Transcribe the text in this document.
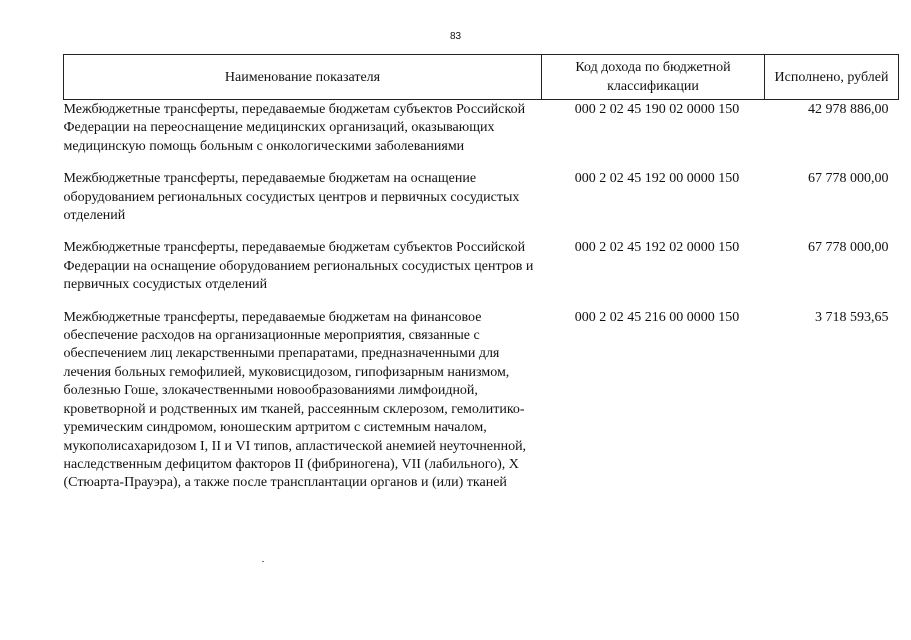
83
Наименование показателя	Код дохода по бюджетной классификации	Исполнено, рублей
Межбюджетные трансферты, передаваемые бюджетам субъектов Российской Федерации на переоснащение медицинских организаций, оказывающих медицинскую помощь больным с онкологическими заболеваниями	000 2 02 45 190 02 0000 150	42 978 886,00
Межбюджетные трансферты, передаваемые бюджетам на оснащение оборудованием региональных сосудистых центров и первичных сосудистых отделений	000 2 02 45 192 00 0000 150	67 778 000,00
Межбюджетные трансферты, передаваемые бюджетам субъектов Российской Федерации на оснащение оборудованием региональных сосудистых центров и первичных сосудистых отделений	000 2 02 45 192 02 0000 150	67 778 000,00
Межбюджетные трансферты, передаваемые бюджетам на финансовое обеспечение расходов на организационные мероприятия, связанные с обеспечением лиц лекарственными препаратами, предназначенными для лечения больных гемофилией, муковисцидозом, гипофизарным нанизмом, болезнью Гоше, злокачественными новообразованиями лимфоидной, кроветворной и родственных им тканей, рассеянным склерозом, гемолитико-уремическим синдромом, юношеским артритом с системным началом, мукополисахаридозом I, II и VI типов, апластической анемией неуточненной, наследственным дефицитом факторов II (фибриногена), VII (лабильного), X (Стюарта-Прауэра), а также после трансплантации органов и (или) тканей	000 2 02 45 216 00 0000 150	3 718 593,65
